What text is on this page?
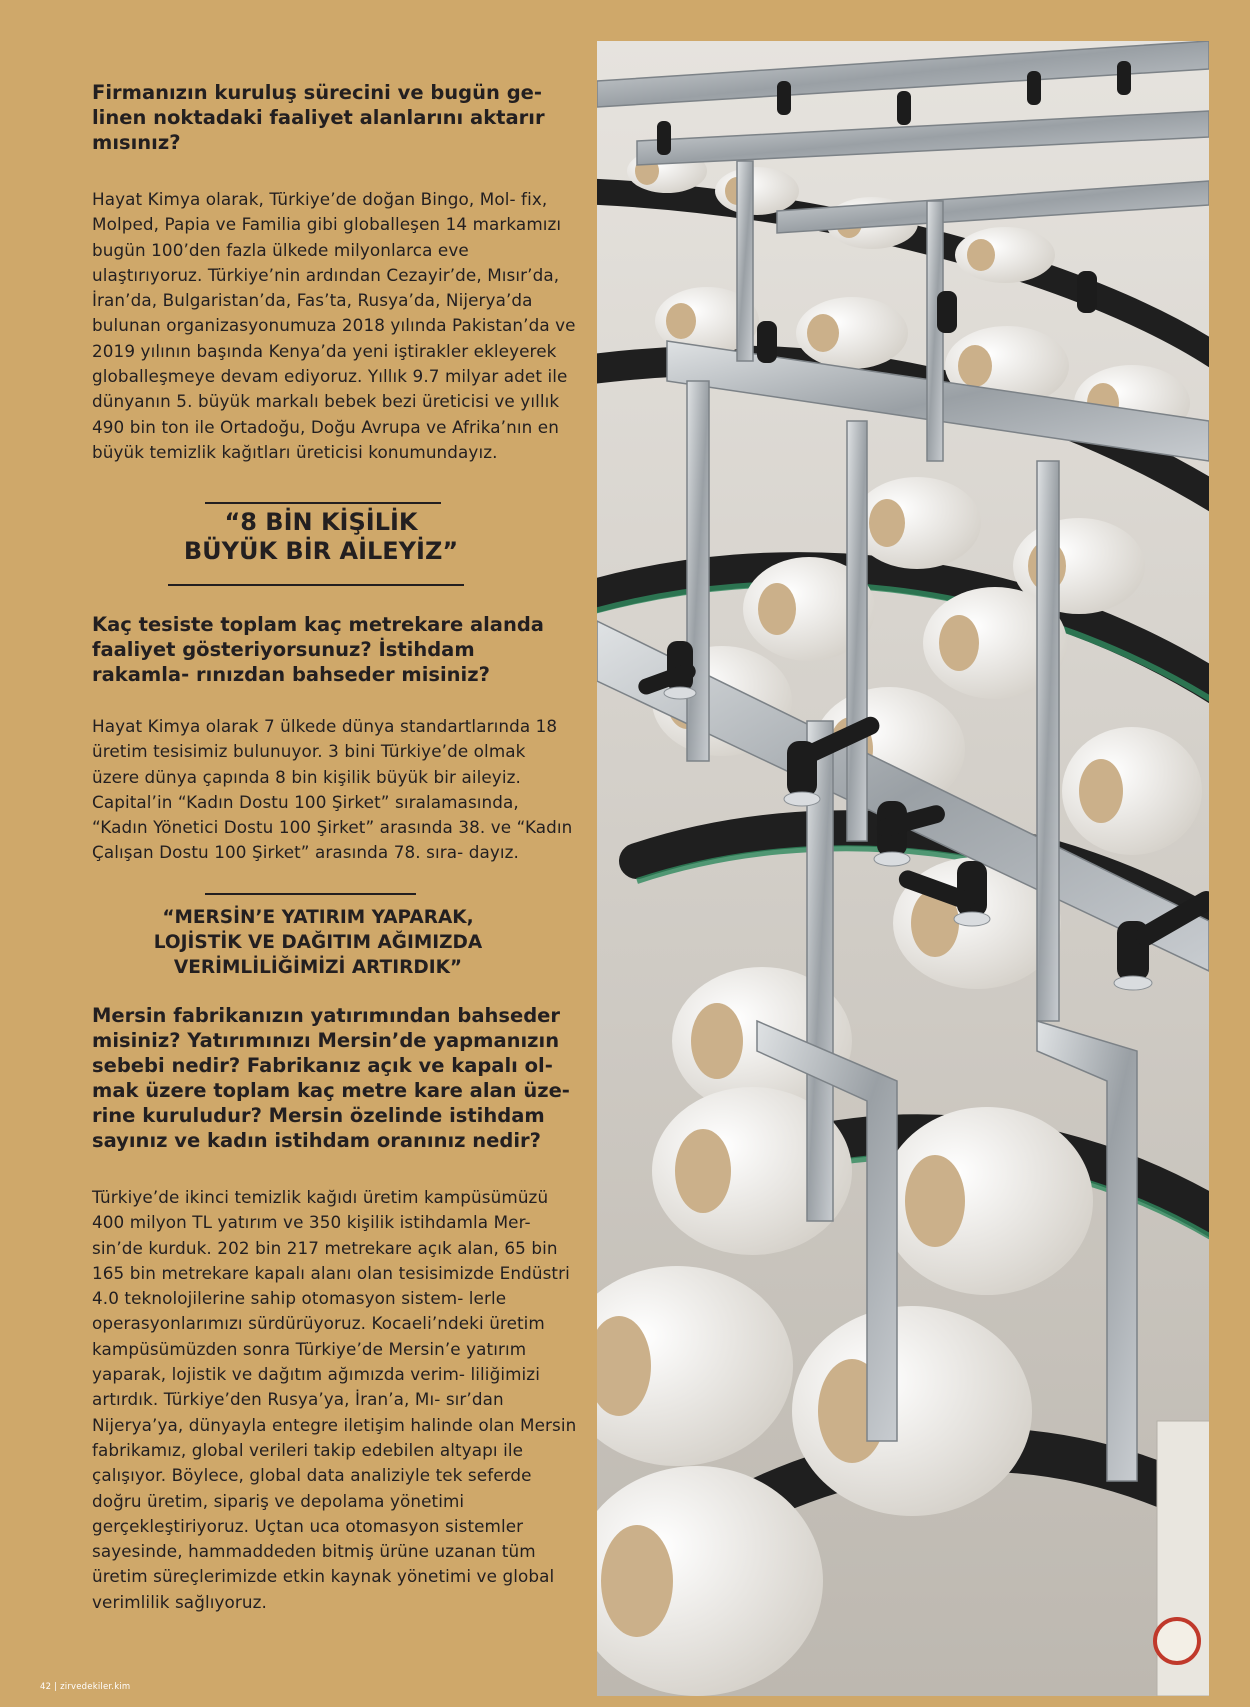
Firmanızın kuruluş sürecini ve bugün ge- linen noktadaki faaliyet alanlarını aktarır mısınız?

Hayat Kimya olarak, Türkiye’de doğan Bingo, Mol- fix, Molped, Papia ve Familia gibi globalleşen 14 markamızı bugün 100’den fazla ülkede milyonlarca eve ulaştırıyoruz. Türkiye’nin ardından Cezayir’de, Mısır’da, İran’da, Bulgaristan’da, Fas’ta, Rusya’da, Nijerya’da bulunan organizasyonumuza 2018 yılında Pakistan’da ve 2019 yılının başında Kenya’da yeni iştirakler ekleyerek globalleşmeye devam ediyoruz. Yıllık 9.7 milyar adet ile dünyanın 5. büyük markalı bebek bezi üreticisi ve yıllık 490 bin ton ile Ortadoğu, Doğu Avrupa ve Afrika’nın en büyük temizlik kağıtları üreticisi konumundayız.

“8 BİN KİŞİLİK
BÜYÜK BİR AİLEYİZ”

Kaç tesiste toplam kaç metrekare alanda faaliyet gösteriyorsunuz? İstihdam rakamla- rınızdan bahseder misiniz?

Hayat Kimya olarak 7 ülkede dünya standartlarında 18 üretim tesisimiz bulunuyor. 3 bini Türkiye’de olmak üzere dünya çapında 8 bin kişilik büyük bir aileyiz. Capital’in “Kadın Dostu 100 Şirket” sıralamasında, “Kadın Yönetici Dostu 100 Şirket” arasında 38. ve “Kadın Çalışan Dostu 100 Şirket” arasında 78. sıra- dayız.

“MERSİN’E YATIRIM YAPARAK,
LOJİSTİK VE DAĞITIM AĞIMIZDA
VERİMLİLİĞİMİZİ ARTIRDIK”

Mersin fabrikanızın yatırımından bahseder misiniz? Yatırımınızı Mersin’de yapmanızın sebebi nedir? Fabrikanız açık ve kapalı ol- mak üzere toplam kaç metre kare alan üze- rine kuruludur? Mersin özelinde istihdam sayınız ve kadın istihdam oranınız nedir?

Türkiye’de ikinci temizlik kağıdı üretim kampüsümüzü 400 milyon TL yatırım ve 350 kişilik istihdamla Mer- sin’de kurduk. 202 bin 217 metrekare açık alan, 65 bin 165 bin metrekare kapalı alanı olan tesisimizde Endüstri 4.0 teknolojilerine sahip otomasyon sistem- lerle operasyonlarımızı sürdürüyoruz. Kocaeli’ndeki üretim kampüsümüzden sonra Türkiye’de Mersin’e yatırım yaparak, lojistik ve dağıtım ağımızda verim- liliğimizi artırdık. Türkiye’den Rusya’ya, İran’a, Mı- sır’dan Nijerya’ya, dünyayla entegre iletişim halinde olan Mersin fabrikamız, global verileri takip edebilen altyapı ile çalışıyor. Böylece, global data analiziyle tek seferde doğru üretim, sipariş ve depolama yönetimi gerçekleştiriyoruz. Uçtan uca otomasyon sistemler sayesinde, hammaddeden bitmiş ürüne uzanan tüm üretim süreçlerimizde etkin kaynak yönetimi ve global verimlilik sağlıyoruz.

42 | zirvedekiler.kim
